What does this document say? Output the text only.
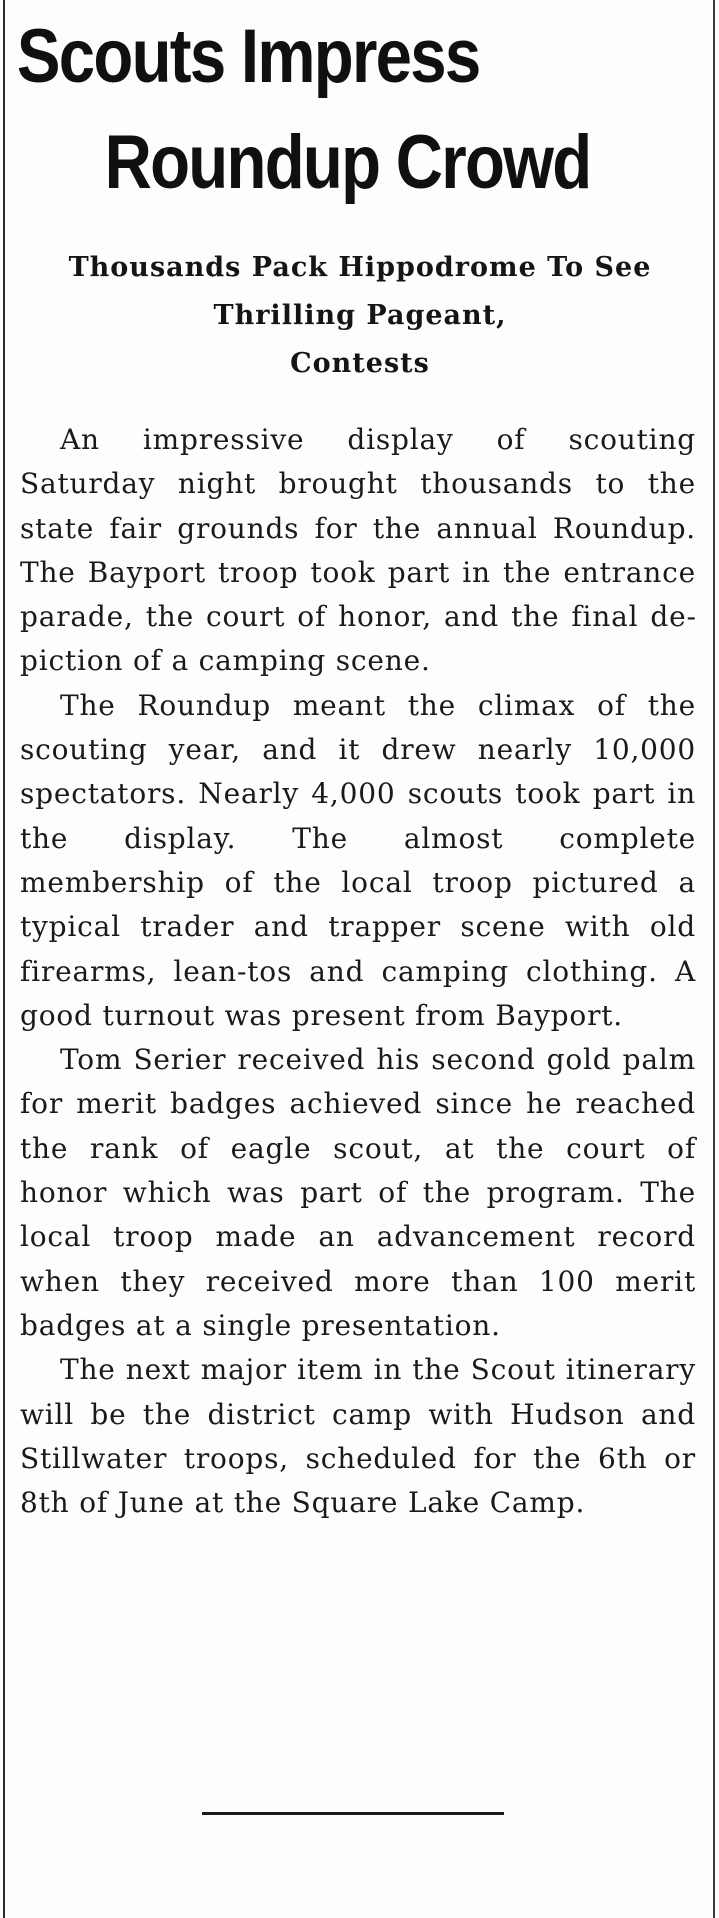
Scouts Impress
Roundup Crowd
Thousands Pack Hippodrome To See
Thrilling Pageant,
Contests

An impressive display of scouting Saturday night brought thousands to the state fair grounds for the annual Roundup. The Bayport troop took part in the entrance parade, the court of honor, and the final depiction of a camping scene.

The Roundup meant the climax of the scouting year, and it drew nearly 10,000 spectators. Nearly 4,000 scouts took part in the display. The almost complete membership of the local troop pictured a typical trader and trapper scene with old firearms, lean-tos and camping clothing. A good turnout was present from Bayport.

Tom Serier received his second gold palm for merit badges achieved since he reached the rank of eagle scout, at the court of honor which was part of the program. The local troop made an advancement record when they received more than 100 merit badges at a single presentation.

The next major item in the Scout itinerary will be the district camp with Hudson and Stillwater troops, scheduled for the 6th or 8th of June at the Square Lake Camp.
